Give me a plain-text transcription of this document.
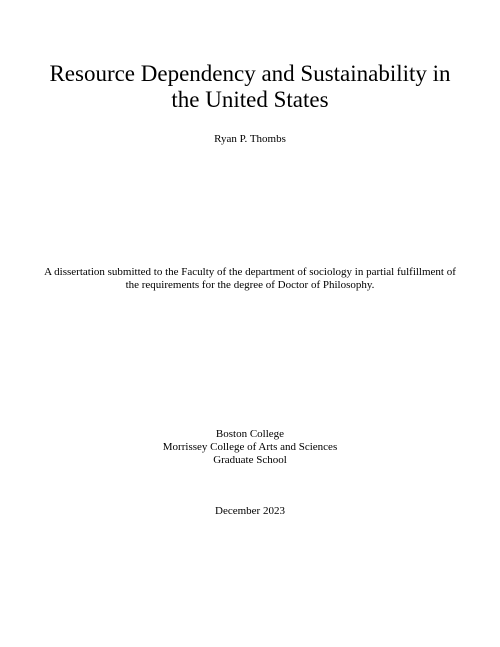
Resource Dependency and Sustainability in the United States
Ryan P. Thombs
A dissertation submitted to the Faculty of the department of sociology in partial fulfillment of the requirements for the degree of Doctor of Philosophy.
Boston College
Morrissey College of Arts and Sciences
Graduate School
December 2023
